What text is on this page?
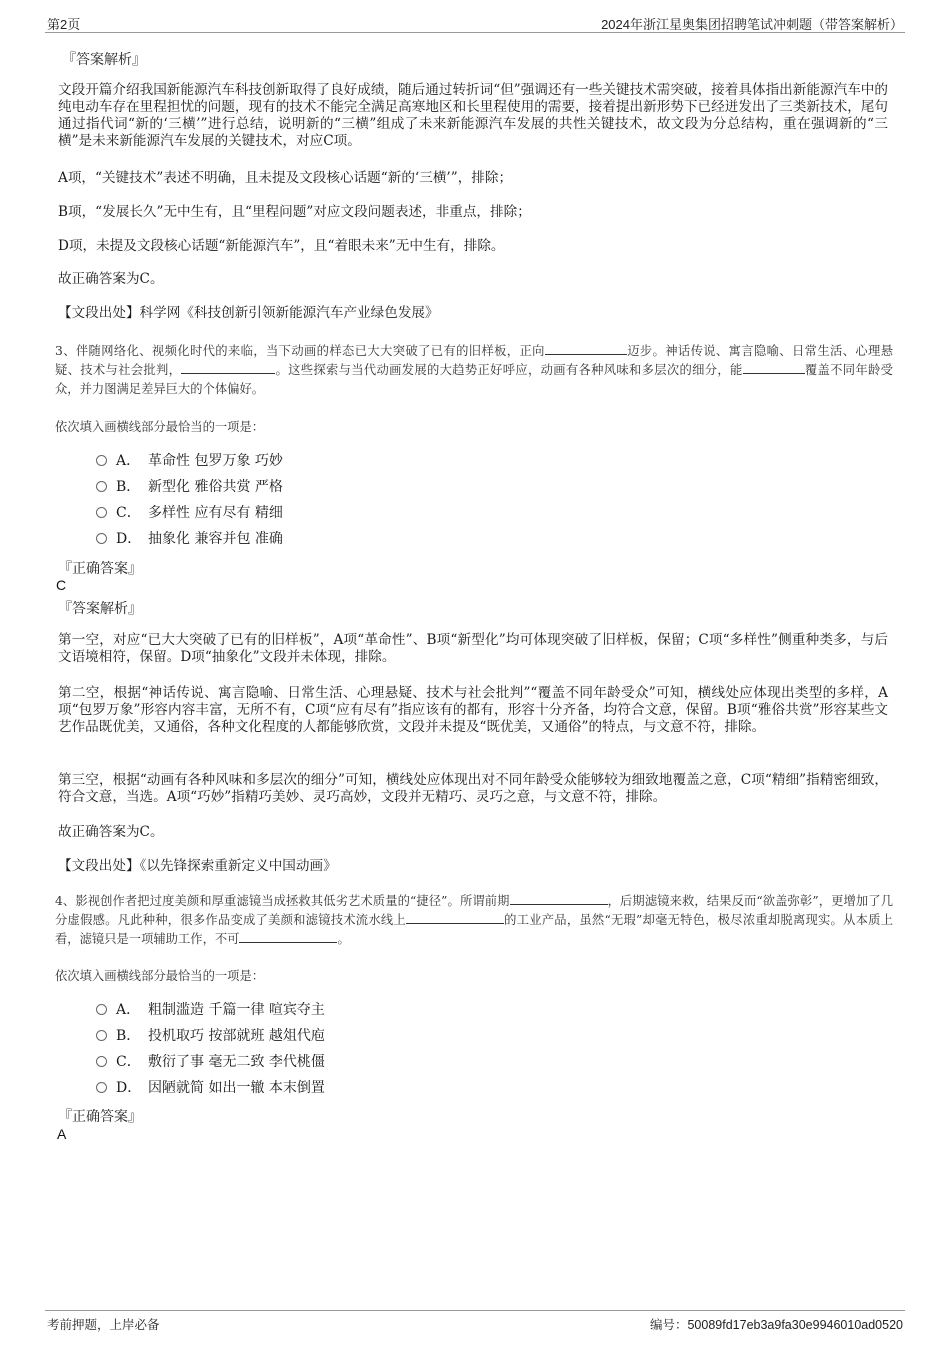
第2页	2024年浙江星奥集团招聘笔试冲刺题（带答案解析）
『答案解析』
文段开篇介绍我国新能源汽车科技创新取得了良好成绩，随后通过转折词“但”强调还有一些关键技术需突破，接着具体指出新能源汽车中的纯电动车存在里程担忧的问题，现有的技术不能完全满足高寒地区和长里程使用的需要，接着提出新形势下已经迸发出了三类新技术，尾句通过指代词“新的‘三横’”进行总结，说明新的“三横”组成了未来新能源汽车发展的共性关键技术，故文段为分总结构，重在强调新的“三横”是未来新能源汽车发展的关键技术，对应C项。
A项，“关键技术”表述不明确，且未提及文段核心话题“新的‘三横’”，排除；
B项，“发展长久”无中生有，且“里程问题”对应文段问题表述，非重点，排除；
D项，未提及文段核心话题“新能源汽车”，且“着眼未来”无中生有，排除。
故正确答案为C。
【文段出处】科学网《科技创新引领新能源汽车产业绿色发展》
3、伴随网络化、视频化时代的来临，当下动画的样态已大大突破了已有的旧样板，正向	迈步。神话传说、寓言隐喻、日常生活、心理悬疑、技术与社会批判，	。这些探索与当代动画发展的大趋势正好呼应，动画有各种风味和多层次的细分，能	覆盖不同年龄受众，并力图满足差异巨大的个体偏好。
依次填入画横线部分最恰当的一项是：
A． 革命性 包罗万象 巧妙
B． 新型化 雅俗共赏 严格
C． 多样性 应有尽有 精细
D． 抽象化 兼容并包 准确
『正确答案』
C
『答案解析』
第一空，对应“已大大突破了已有的旧样板”，A项“革命性”、B项“新型化”均可体现突破了旧样板，保留；C项“多样性”侧重种类多，与后文语境相符，保留。D项“抽象化”文段并未体现，排除。
第二空，根据“神话传说、寓言隐喻、日常生活、心理悬疑、技术与社会批判”“覆盖不同年龄受众”可知，横线处应体现出类型的多样，A项“包罗万象”形容内容丰富，无所不有，C项“应有尽有”指应该有的都有，形容十分齐备，均符合文意，保留。B项“雅俗共赏”形容某些文艺作品既优美，又通俗，各种文化程度的人都能够欣赏，文段并未提及“既优美，又通俗”的特点，与文意不符，排除。
第三空，根据“动画有各种风味和多层次的细分”可知，横线处应体现出对不同年龄受众能够较为细致地覆盖之意，C项“精细”指精密细致，符合文意，当选。A项“巧妙”指精巧美妙、灵巧高妙，文段并无精巧、灵巧之意，与文意不符，排除。
故正确答案为C。
【文段出处】《以先锋探索重新定义中国动画》
4、影视创作者把过度美颜和厚重滤镜当成拯救其低劣艺术质量的“捷径”。所谓前期	，后期滤镜来救，结果反而“欲盖弥彰”，更增加了几分虚假感。凡此种种，很多作品变成了美颜和滤镜技术流水线上	的工业产品，虽然“无瑕”却毫无特色，极尽浓重却脱离现实。从本质上看，滤镜只是一项辅助工作，不可	。
依次填入画横线部分最恰当的一项是：
A． 粗制滥造 千篇一律 喧宾夺主
B． 投机取巧 按部就班 越俎代庖
C． 敷衍了事 毫无二致 李代桃僵
D． 因陋就简 如出一辙 本末倒置
『正确答案』
A
考前押题，上岸必备	编号：50089fd17eb3a9fa30e9946010ad0520
